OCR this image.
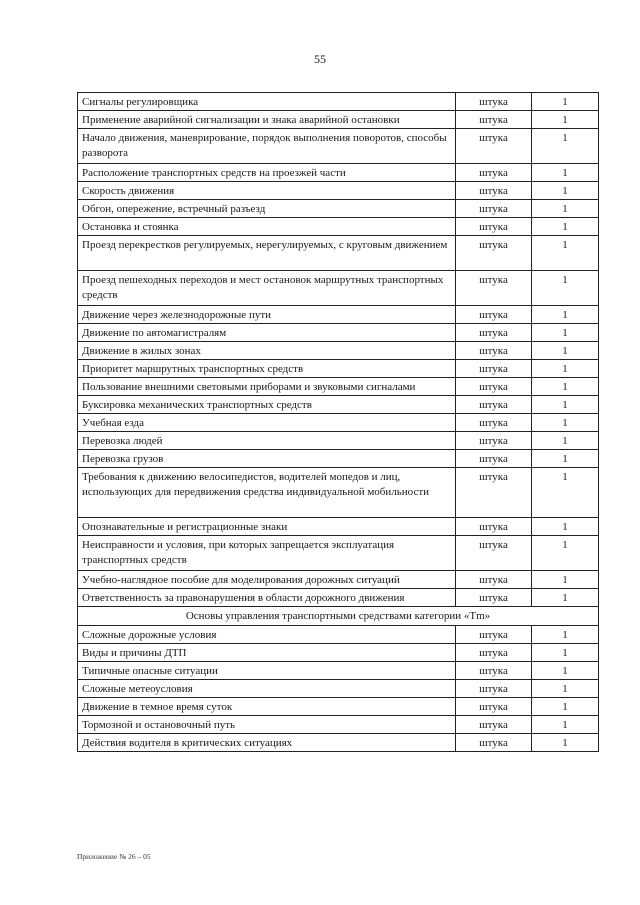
55
Сигналы регулировщика	штука	1
Применение аварийной сигнализации и знака аварийной остановки	штука	1
Начало движения, маневрирование, порядок выполнения поворотов, способы разворота	штука	1
Расположение транспортных средств на проезжей части	штука	1
Скорость движения	штука	1
Обгон, опережение, встречный разъезд	штука	1
Остановка и стоянка	штука	1
Проезд перекрестков регулируемых, нерегулируемых, с круговым движением	штука	1
Проезд пешеходных переходов и мест остановок маршрутных транспортных средств	штука	1
Движение через железнодорожные пути	штука	1
Движение по автомагистралям	штука	1
Движение в жилых зонах	штука	1
Приоритет маршрутных транспортных средств	штука	1
Пользование внешними световыми приборами и звуковыми сигналами	штука	1
Буксировка механических транспортных средств	штука	1
Учебная езда	штука	1
Перевозка людей	штука	1
Перевозка грузов	штука	1
Требования к движению велосипедистов, водителей мопедов и лиц, использующих для передвижения средства индивидуальной мобильности	штука	1
Опознавательные и регистрационные знаки	штука	1
Неисправности и условия, при которых запрещается эксплуатация транспортных средств	штука	1
Учебно-наглядное пособие для моделирования дорожных ситуаций	штука	1
Ответственность за правонарушения в области дорожного движения	штука	1
Основы управления транспортными средствами категории «Tm»		
Сложные дорожные условия	штука	1
Виды и причины ДТП	штука	1
Типичные опасные ситуации	штука	1
Сложные метеоусловия	штука	1
Движение в темное время суток	штука	1
Тормозной и остановочный путь	штука	1
Действия водителя в критических ситуациях	штука	1
Приложение № 26 – 05
